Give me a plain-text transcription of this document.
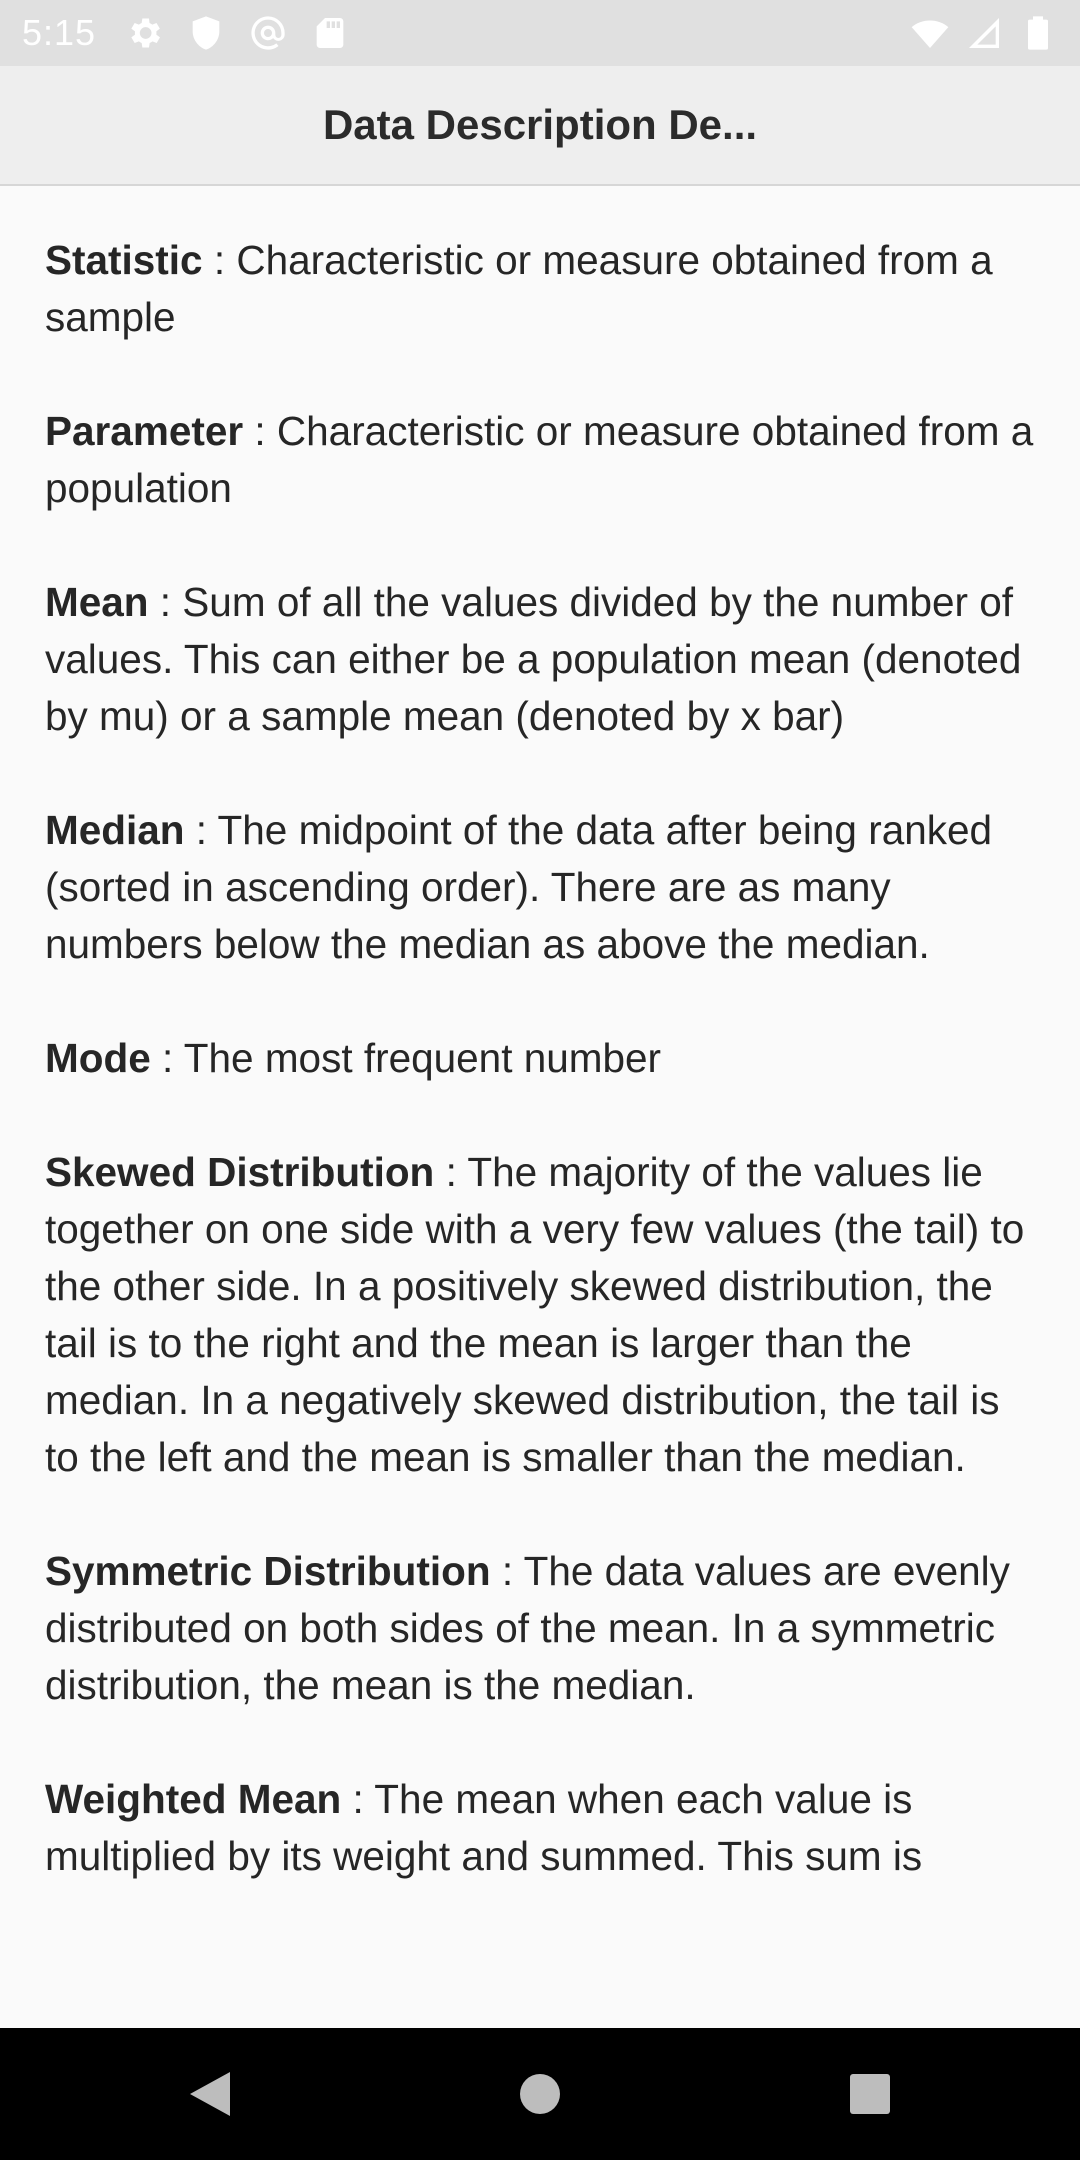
5:15
Data Description De...

Statistic : Characteristic or measure obtained from a sample

Parameter : Characteristic or measure obtained from a population

Mean : Sum of all the values divided by the number of values. This can either be a population mean (denoted by mu) or a sample mean (denoted by x bar)

Median : The midpoint of the data after being ranked (sorted in ascending order). There are as many numbers below the median as above the median.

Mode : The most frequent number

Skewed Distribution : The majority of the values lie together on one side with a very few values (the tail) to the other side. In a positively skewed distribution, the tail is to the right and the mean is larger than the median. In a negatively skewed distribution, the tail is to the left and the mean is smaller than the median.

Symmetric Distribution : The data values are evenly distributed on both sides of the mean. In a symmetric distribution, the mean is the median.

Weighted Mean : The mean when each value is multiplied by its weight and summed. This sum is
